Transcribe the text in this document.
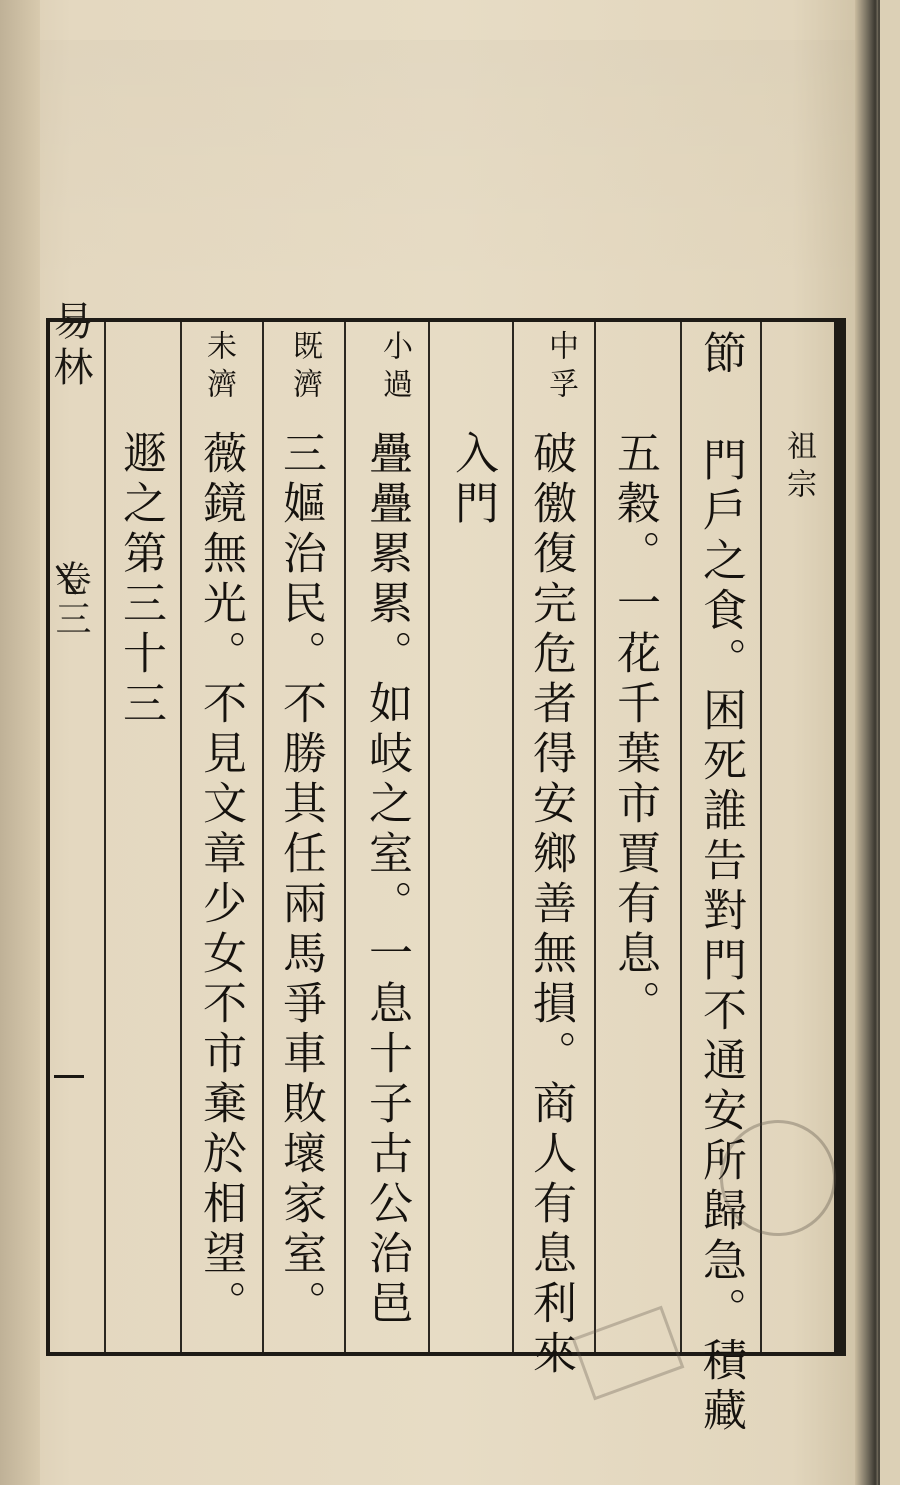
易林
卷三
祖宗
節 門戶之食。困死誰告對門不通安所歸急。積藏
五穀。一花千葉市賈有息。
中孚
破徼復完危者得安鄉善無損。商人有息利來
入門
小過
疊疊累累。如岐之室。一息十子古公治邑
既濟
三嫗治民。不勝其任兩馬爭車敗壞家室。
未濟
薇鏡無光。不見文章少女不市棄於相望。
遯之第三十三
